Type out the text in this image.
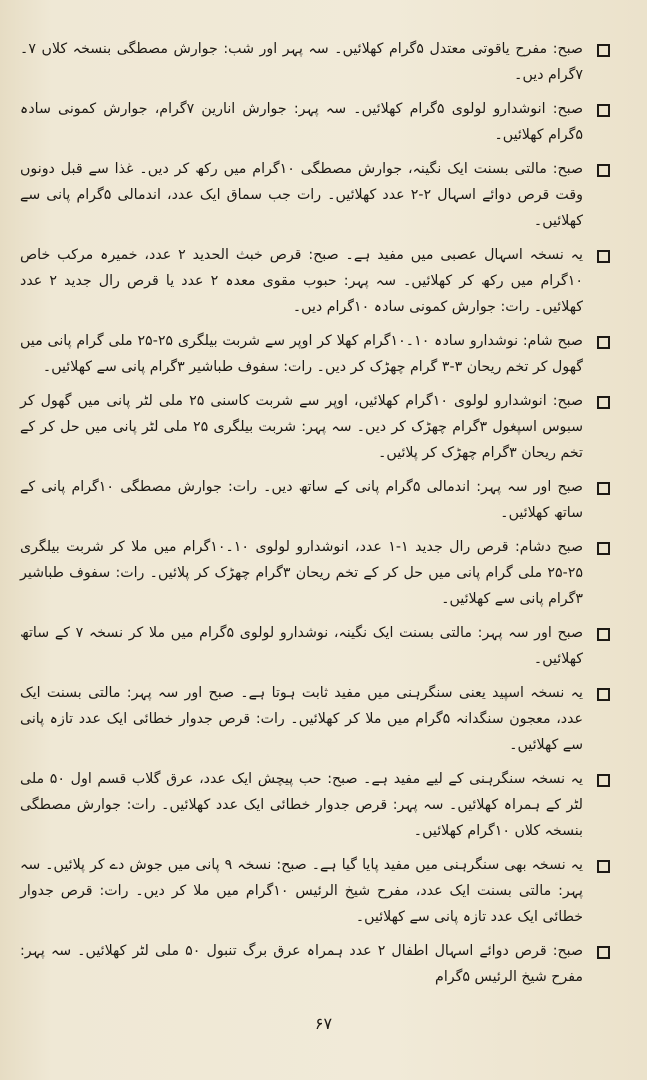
صبح: مفرح یاقوتی معتدل ۵گرام کھلائیں۔ سہ پہر اور شب: جوارش مصطگی بنسخہ کلاں ۷۔ ۷گرام دیں۔
صبح: انوشدارو لولوی ۵گرام کھلائیں۔ سہ پہر: جوارش انارین ۷گرام، جوارش کمونی سادہ ۵گرام کھلائیں۔
صبح: مالتی بسنت ایک نگینہ، جوارش مصطگی ۱۰گرام میں رکھ کر دیں۔ غذا سے قبل دونوں وقت قرص دوائے اسہال ۲-۲ عدد کھلائیں۔ رات جب سماق ایک عدد، اندمالی ۵گرام پانی سے کھلائیں۔
یہ نسخہ اسہال عصبی میں مفید ہے۔ صبح: قرص خبث الحدید ۲ عدد، خمیرہ مرکب خاص ۱۰گرام میں رکھ کر کھلائیں۔ سہ پہر: حبوب مقوی معدہ ۲ عدد یا قرص رال جدید ۲ عدد کھلائیں۔ رات: جوارش کمونی سادہ ۱۰گرام دیں۔
صبح شام: نوشدارو سادہ ۱۰۔۱۰گرام کھلا کر اوپر سے شربت بیلگری ۲۵-۲۵ ملی گرام پانی میں گھول کر تخم ریحان ۳-۳ گرام چھڑک کر دیں۔ رات: سفوف طباشیر ۳گرام پانی سے کھلائیں۔
صبح: انوشدارو لولوی ۱۰گرام کھلائیں، اوپر سے شربت کاسنی ۲۵ ملی لٹر پانی میں گھول کر سبوس اسپغول ۳گرام چھڑک کر دیں۔ سہ پہر: شربت بیلگری ۲۵ ملی لٹر پانی میں حل کر کے تخم ریحان ۳گرام چھڑک کر پلائیں۔
صبح اور سہ پہر: اندمالی ۵گرام پانی کے ساتھ دیں۔ رات: جوارش مصطگی ۱۰گرام پانی کے ساتھ کھلائیں۔
صبح دشام: قرص رال جدید ۱-۱ عدد، انوشدارو لولوی ۱۰۔۱۰گرام میں ملا کر شربت بیلگری ۲۵-۲۵ ملی گرام پانی میں حل کر کے تخم ریحان ۳گرام چھڑک کر پلائیں۔ رات: سفوف طباشیر ۳گرام پانی سے کھلائیں۔
صبح اور سہ پہر: مالتی بسنت ایک نگینہ، نوشدارو لولوی ۵گرام میں ملا کر نسخہ ۷ کے ساتھ کھلائیں۔
یہ نسخہ اسپید یعنی سنگرہنی میں مفید ثابت ہوتا ہے۔ صبح اور سہ پہر: مالتی بسنت ایک عدد، معجون سنگدانہ ۵گرام میں ملا کر کھلائیں۔ رات: قرص جدوار خطائی ایک عدد تازہ پانی سے کھلائیں۔
یہ نسخہ سنگرہنی کے لیے مفید ہے۔ صبح: حب پیچش ایک عدد، عرق گلاب قسم اول ۵۰ ملی لٹر کے ہمراہ کھلائیں۔ سہ پہر: قرص جدوار خطائی ایک عدد کھلائیں۔ رات: جوارش مصطگی بنسخہ کلاں ۱۰گرام کھلائیں۔
یہ نسخہ بھی سنگرہنی میں مفید پایا گیا ہے۔ صبح: نسخہ ۹ پانی میں جوش دے کر پلائیں۔ سہ پہر: مالتی بسنت ایک عدد، مفرح شیخ الرئیس ۱۰گرام میں ملا کر دیں۔ رات: قرص جدوار خطائی ایک عدد تازہ پانی سے کھلائیں۔
صبح: قرص دوائے اسہال اطفال ۲ عدد ہمراہ عرق برگ تنبول ۵۰ ملی لٹر کھلائیں۔ سہ پہر: مفرح شیخ الرئیس ۵گرام
۶۷
